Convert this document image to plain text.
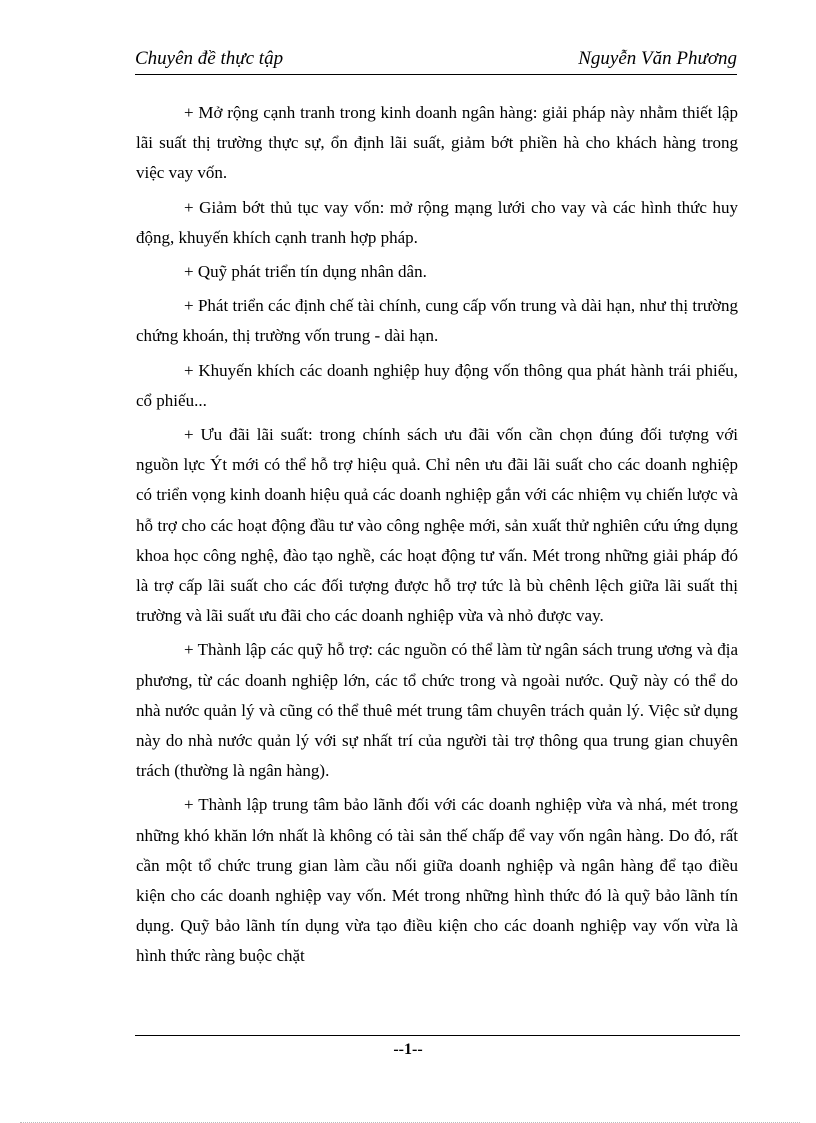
Chuyên đề thực tập	Nguyễn Văn Phương

+ Mở rộng cạnh tranh trong kinh doanh ngân hàng: giải pháp này nhằm thiết lập lãi suất thị trường thực sự, ổn định lãi suất, giảm bớt phiền hà cho khách hàng trong việc vay vốn.

+ Giảm bớt thủ tục vay vốn: mở rộng mạng lưới cho vay và các hình thức huy động, khuyến khích cạnh tranh hợp pháp.

+ Quỹ phát triển tín dụng nhân dân.

+ Phát triển các định chế tài chính, cung cấp vốn trung và dài hạn, như thị trường chứng khoán, thị trường vốn trung - dài hạn.

+ Khuyến khích các doanh nghiệp huy động vốn thông qua phát hành trái phiếu, cổ phiếu...

+ Ưu đãi lãi suất: trong chính sách ưu đãi vốn cần chọn đúng đối tượng với nguồn lực Ýt mới có thể hỗ trợ hiệu quả. Chỉ nên ưu đãi lãi suất cho các doanh nghiệp có triển vọng kinh doanh hiệu quả các doanh nghiệp gắn với các nhiệm vụ chiến lược và hỗ trợ cho các hoạt động đầu tư vào công nghệe mới, sản xuất thử nghiên cứu ứng dụng khoa học công nghệ, đào tạo nghề, các hoạt động tư vấn. Mét trong những giải pháp đó là trợ cấp lãi suất cho các đối tượng được hỗ trợ tức là bù chênh lệch giữa lãi suất thị trường và lãi suất ưu đãi cho các doanh nghiệp vừa và nhỏ được vay.

+ Thành lập các quỹ hỗ trợ: các nguồn có thể làm từ ngân sách trung ương và địa phương, từ các doanh nghiệp lớn, các tổ chức trong và ngoài nước. Quỹ này có thể do nhà nước quản lý và cũng có thể thuê mét trung tâm chuyên trách quản lý. Việc sử dụng này do nhà nước quản lý với sự nhất trí của người tài trợ thông qua trung gian chuyên trách (thường là ngân hàng).

+ Thành lập trung tâm bảo lãnh đối với các doanh nghiệp vừa và nhá, mét trong những khó khăn lớn nhất là không có tài sản thế chấp để vay vốn ngân hàng. Do đó, rất cần một tổ chức trung gian làm cầu nối giữa doanh nghiệp và ngân hàng để tạo điều kiện cho các doanh nghiệp vay vốn. Mét trong những hình thức đó là quỹ bảo lãnh tín dụng. Quỹ bảo lãnh tín dụng vừa tạo điều kiện cho các doanh nghiệp vay vốn vừa là hình thức ràng buộc chặt

--1--
